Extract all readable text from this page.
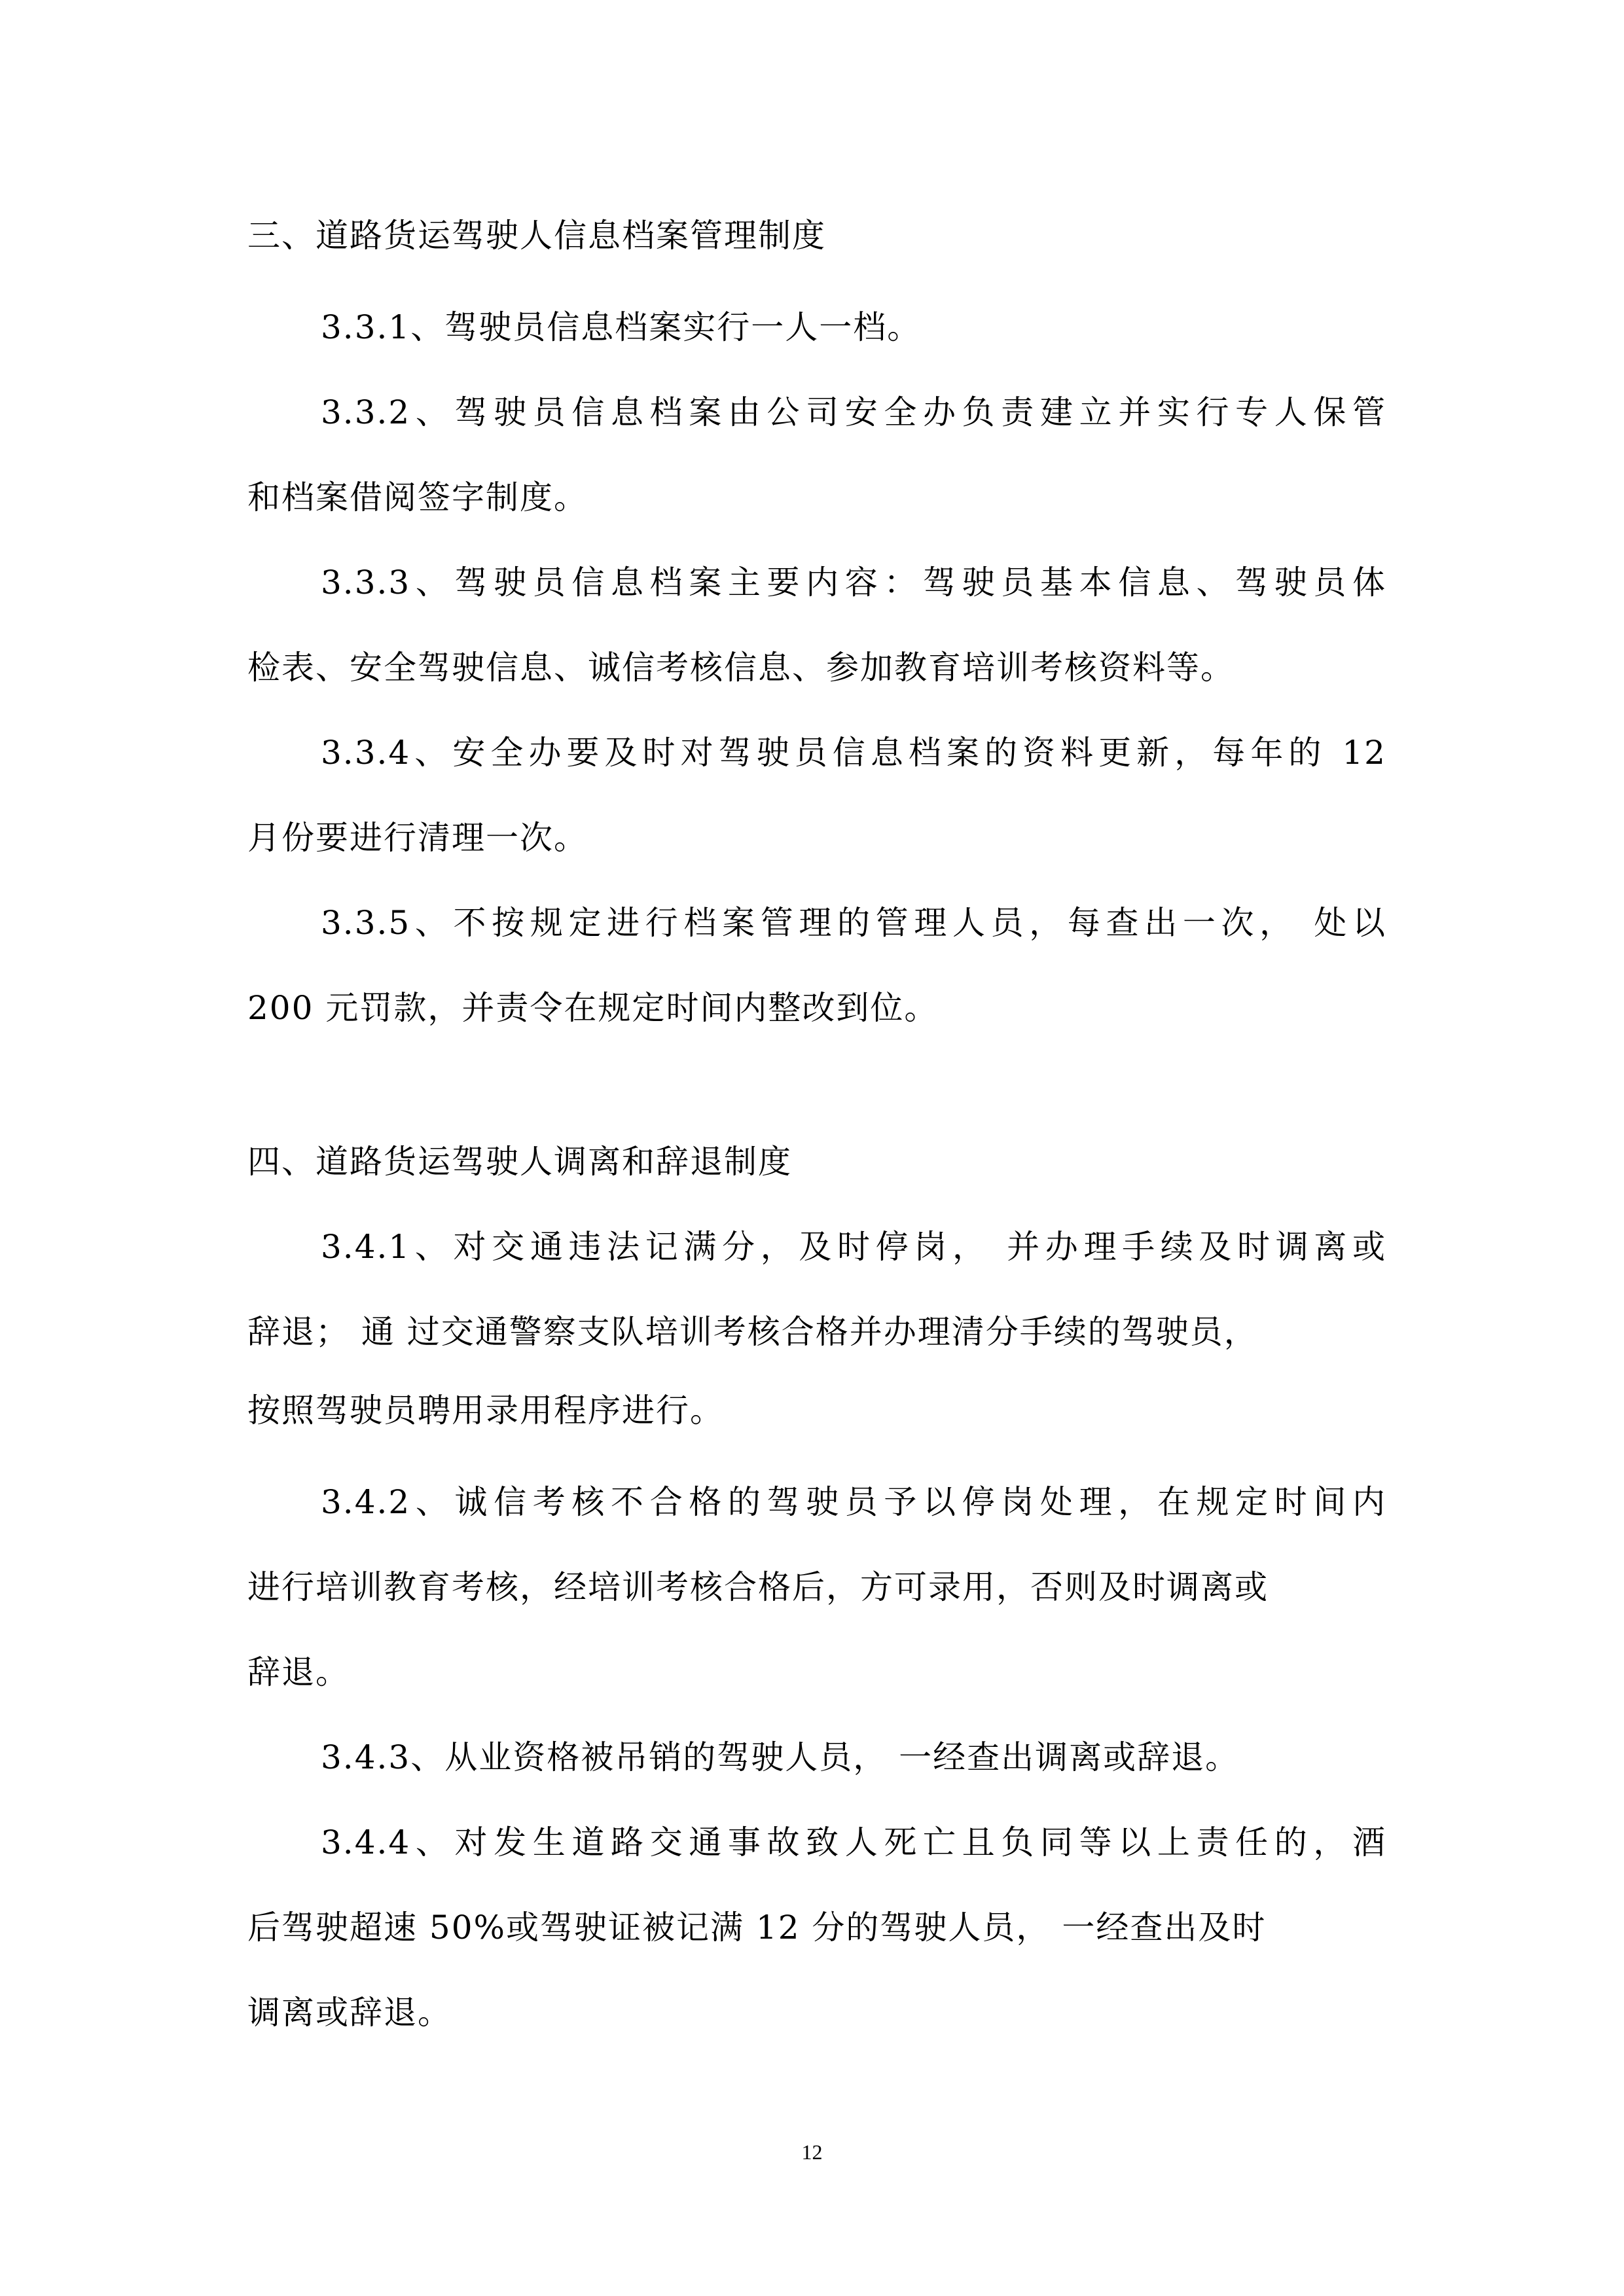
三、道路货运驾驶人信息档案管理制度
3.3.1、驾驶员信息档案实行一人一档。
3.3.2、驾驶员信息档案由公司安全办负责建立并实行专人保管
和档案借阅签字制度。
3.3.3、驾驶员信息档案主要内容：驾驶员基本信息、驾驶员体
检表、安全驾驶信息、诚信考核信息、参加教育培训考核资料等。
3.3.4、安全办要及时对驾驶员信息档案的资料更新，每年的 12
月份要进行清理一次。
3.3.5、不按规定进行档案管理的管理人员，每查出一次， 处以
200 元罚款，并责令在规定时间内整改到位。
四、道路货运驾驶人调离和辞退制度
3.4.1、对交通违法记满分，及时停岗， 并办理手续及时调离或
辞退； 通 过交通警察支队培训考核合格并办理清分手续的驾驶员，
按照驾驶员聘用录用程序进行。
3.4.2、诚信考核不合格的驾驶员予以停岗处理，在规定时间内
进行培训教育考核，经培训考核合格后，方可录用，否则及时调离或
辞退。
3.4.3、从业资格被吊销的驾驶人员， 一经查出调离或辞退。
3.4.4、对发生道路交通事故致人死亡且负同等以上责任的，酒
后驾驶超速 50%或驾驶证被记满 12 分的驾驶人员， 一经查出及时
调离或辞退。
12
